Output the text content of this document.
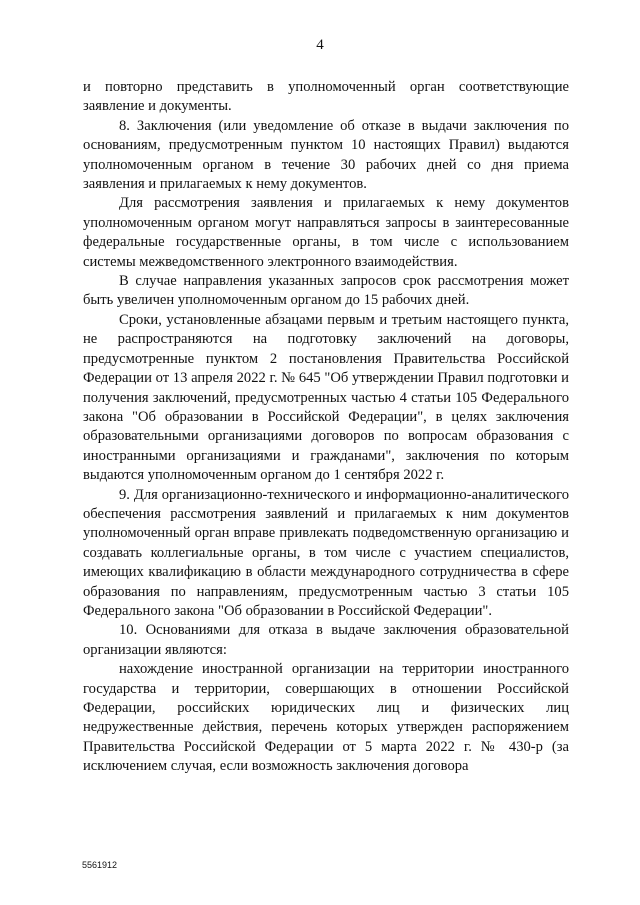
4

и повторно представить в уполномоченный орган соответствующие заявление и документы.

8. Заключения (или уведомление об отказе в выдачи заключения по основаниям, предусмотренным пунктом 10 настоящих Правил) выдаются уполномоченным органом в течение 30 рабочих дней со дня приема заявления и прилагаемых к нему документов.

Для рассмотрения заявления и прилагаемых к нему документов уполномоченным органом могут направляться запросы в заинтересованные федеральные государственные органы, в том числе с использованием системы межведомственного электронного взаимодействия.

В случае направления указанных запросов срок рассмотрения может быть увеличен уполномоченным органом до 15 рабочих дней.

Сроки, установленные абзацами первым и третьим настоящего пункта, не распространяются на подготовку заключений на договоры, предусмотренные пунктом 2 постановления Правительства Российской Федерации от 13 апреля 2022 г. № 645 "Об утверждении Правил подготовки и получения заключений, предусмотренных частью 4 статьи 105 Федерального закона "Об образовании в Российской Федерации", в целях заключения образовательными организациями договоров по вопросам образования с иностранными организациями и гражданами", заключения по которым выдаются уполномоченным органом до 1 сентября 2022 г.

9. Для организационно-технического и информационно-аналитического обеспечения рассмотрения заявлений и прилагаемых к ним документов уполномоченный орган вправе привлекать подведомственную организацию и создавать коллегиальные органы, в том числе с участием специалистов, имеющих квалификацию в области международного сотрудничества в сфере образования по направлениям, предусмотренным частью 3 статьи 105 Федерального закона "Об образовании в Российской Федерации".

10. Основаниями для отказа в выдаче заключения образовательной организации являются:

нахождение иностранной организации на территории иностранного государства и территории, совершающих в отношении Российской Федерации, российских юридических лиц и физических лиц недружественные действия, перечень которых утвержден распоряжением Правительства Российской Федерации от 5 марта 2022 г. № 430-р (за исключением случая, если возможность заключения договора

5561912
